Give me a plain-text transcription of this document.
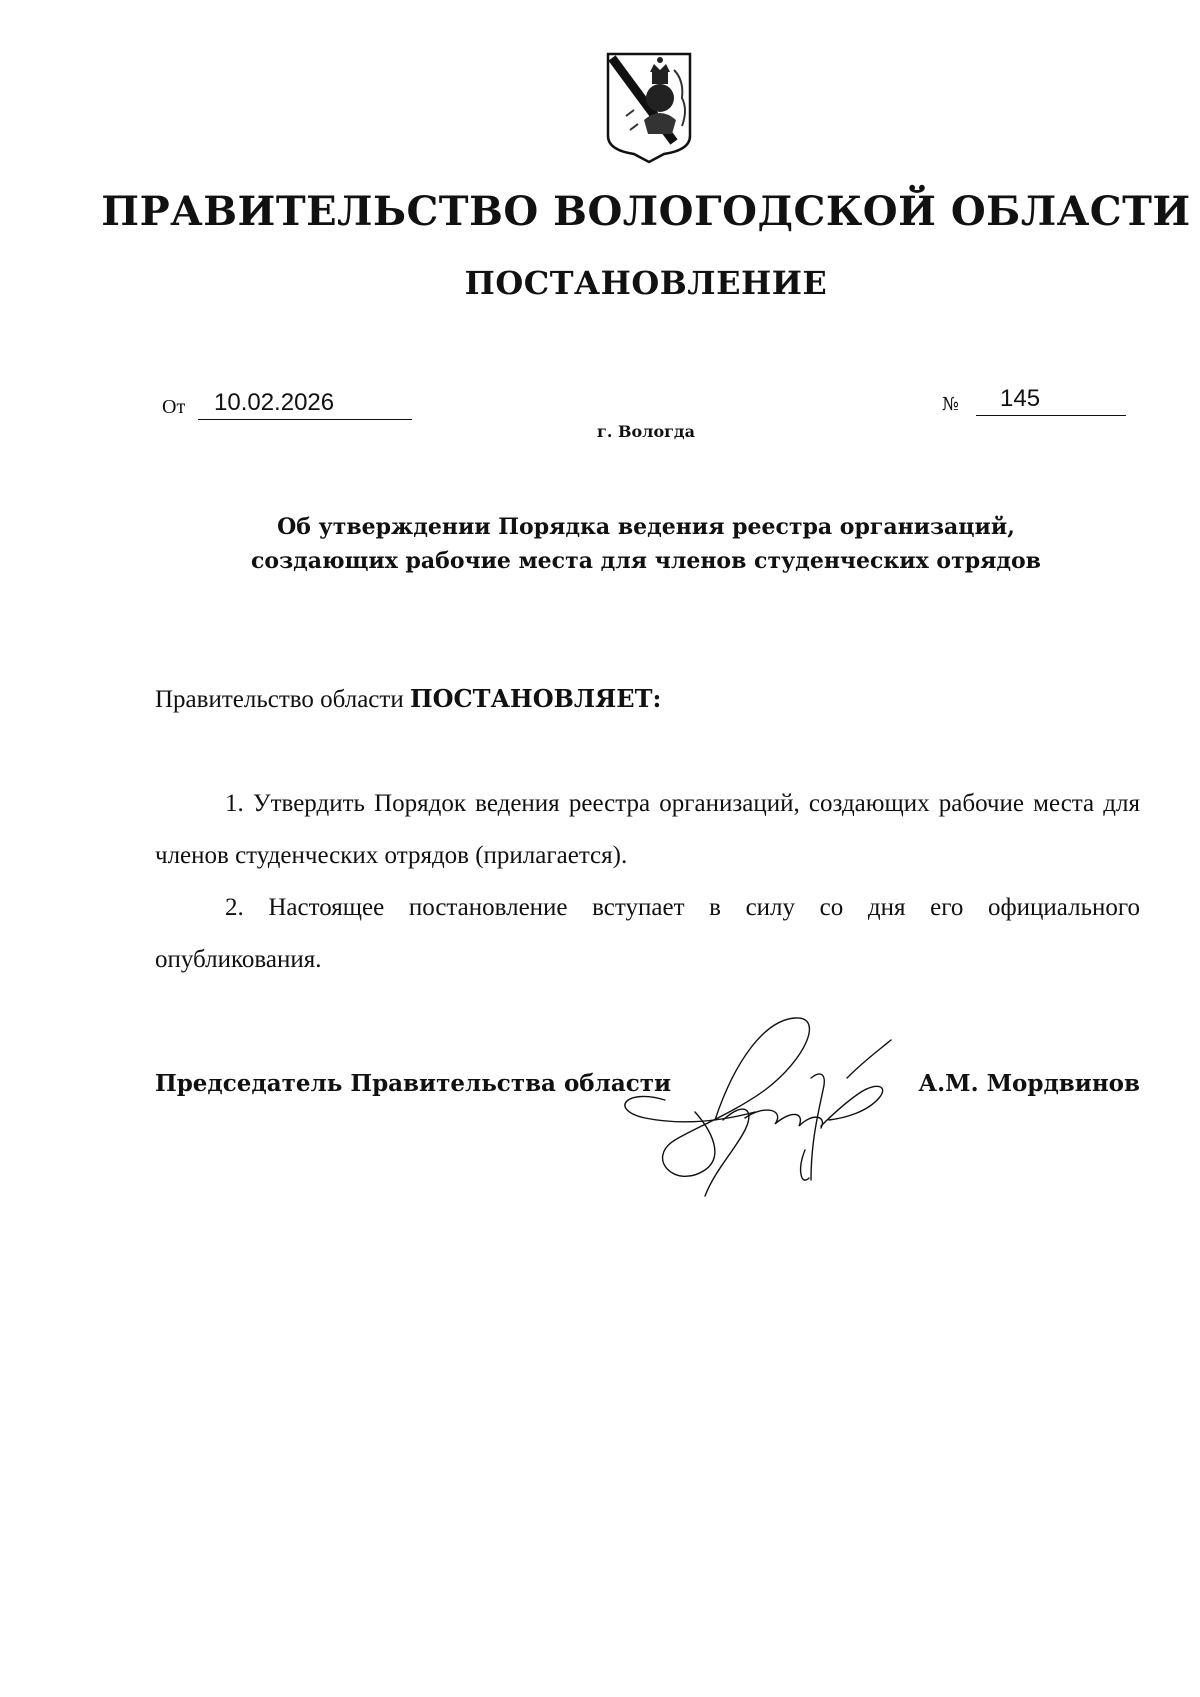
ПРАВИТЕЛЬСТВО ВОЛОГОДСКОЙ ОБЛАСТИ
ПОСТАНОВЛЕНИЕ
От	10.02.2026	№	145
г. Вологда
Об утверждении Порядка ведения реестра организаций,
создающих рабочие места для членов студенческих отрядов
Правительство области ПОСТАНОВЛЯЕТ:

1. Утвердить Порядок ведения реестра организаций, создающих рабочие места для членов студенческих отрядов (прилагается).

2. Настоящее постановление вступает в силу со дня его официального опубликования.

Председатель Правительства области	А.М. Мордвинов
